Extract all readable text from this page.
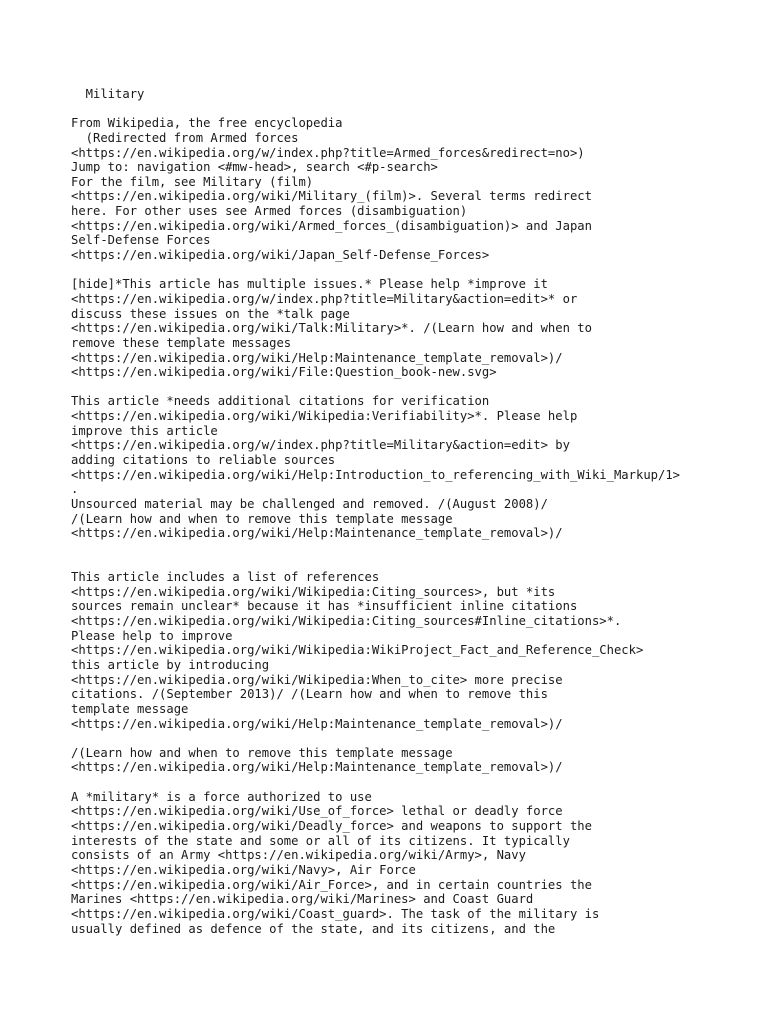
Military
From Wikipedia, the free encyclopedia
(Redirected from Armed forces
<https://en.wikipedia.org/w/index.php?title=Armed_forces&redirect=no>)
Jump to: navigation <#mw-head>, search <#p-search>
For the film, see Military (film)
<https://en.wikipedia.org/wiki/Military_(film)>. Several terms redirect
here. For other uses see Armed forces (disambiguation)
<https://en.wikipedia.org/wiki/Armed_forces_(disambiguation)> and Japan
Self-Defense Forces
<https://en.wikipedia.org/wiki/Japan_Self-Defense_Forces>
[hide]*This article has multiple issues.* Please help *improve it
<https://en.wikipedia.org/w/index.php?title=Military&action=edit>* or
discuss these issues on the *talk page
<https://en.wikipedia.org/wiki/Talk:Military>*. /(Learn how and when to
remove these template messages
<https://en.wikipedia.org/wiki/Help:Maintenance_template_removal>)/
<https://en.wikipedia.org/wiki/File:Question_book-new.svg>
This article *needs additional citations for verification
<https://en.wikipedia.org/wiki/Wikipedia:Verifiability>*. Please help
improve this article
<https://en.wikipedia.org/w/index.php?title=Military&action=edit> by
adding citations to reliable sources
<https://en.wikipedia.org/wiki/Help:Introduction_to_referencing_with_Wiki_Markup/1>
.
Unsourced material may be challenged and removed. /(August 2008)/
/(Learn how and when to remove this template message
<https://en.wikipedia.org/wiki/Help:Maintenance_template_removal>)/
This article includes a list of references
<https://en.wikipedia.org/wiki/Wikipedia:Citing_sources>, but *its
sources remain unclear* because it has *insufficient inline citations
<https://en.wikipedia.org/wiki/Wikipedia:Citing_sources#Inline_citations>*.
Please help to improve
<https://en.wikipedia.org/wiki/Wikipedia:WikiProject_Fact_and_Reference_Check>
this article by introducing
<https://en.wikipedia.org/wiki/Wikipedia:When_to_cite> more precise
citations. /(September 2013)/ /(Learn how and when to remove this
template message
<https://en.wikipedia.org/wiki/Help:Maintenance_template_removal>)/
/(Learn how and when to remove this template message
<https://en.wikipedia.org/wiki/Help:Maintenance_template_removal>)/
A *military* is a force authorized to use
<https://en.wikipedia.org/wiki/Use_of_force> lethal or deadly force
<https://en.wikipedia.org/wiki/Deadly_force> and weapons to support the
interests of the state and some or all of its citizens. It typically
consists of an Army <https://en.wikipedia.org/wiki/Army>, Navy
<https://en.wikipedia.org/wiki/Navy>, Air Force
<https://en.wikipedia.org/wiki/Air_Force>, and in certain countries the
Marines <https://en.wikipedia.org/wiki/Marines> and Coast Guard
<https://en.wikipedia.org/wiki/Coast_guard>. The task of the military is
usually defined as defence of the state, and its citizens, and the
